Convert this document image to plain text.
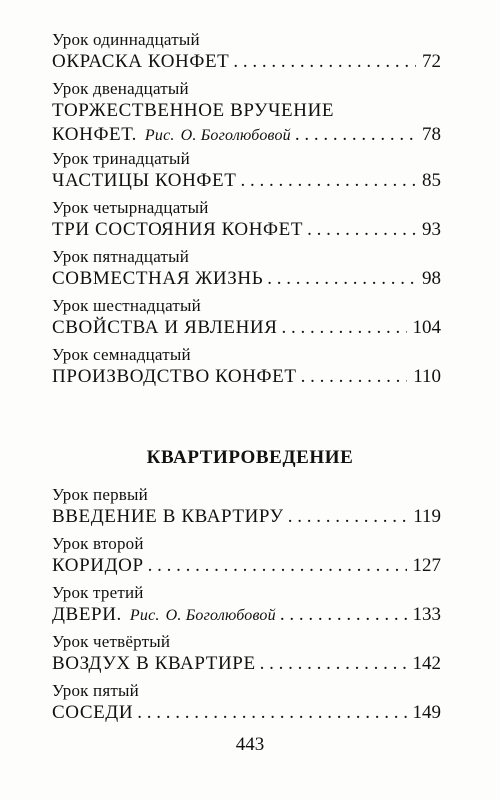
Урок одиннадцатый
ОКРАСКА КОНФЕТ . . .	72
Урок двенадцатый
ТОРЖЕСТВЕННОЕ ВРУЧЕНИЕ
КОНФЕТ. Рис. О. Боголюбовой . . .	78
Урок тринадцатый
ЧАСТИЦЫ КОНФЕТ . . .	85
Урок четырнадцатый
ТРИ СОСТОЯНИЯ КОНФЕТ . . .	93
Урок пятнадцатый
СОВМЕСТНАЯ ЖИЗНЬ . . .	98
Урок шестнадцатый
СВОЙСТВА И ЯВЛЕНИЯ . . .	104
Урок семнадцатый
ПРОИЗВОДСТВО КОНФЕТ . . .	110
КВАРТИРОВЕДЕНИЕ
Урок первый
ВВЕДЕНИЕ В КВАРТИРУ . . .	119
Урок второй
КОРИДОР . . .	127
Урок третий
ДВЕРИ. Рис. О. Боголюбовой . . .	133
Урок четвёртый
ВОЗДУХ В КВАРТИРЕ . . .	142
Урок пятый
СОСЕДИ . . .	149
443
